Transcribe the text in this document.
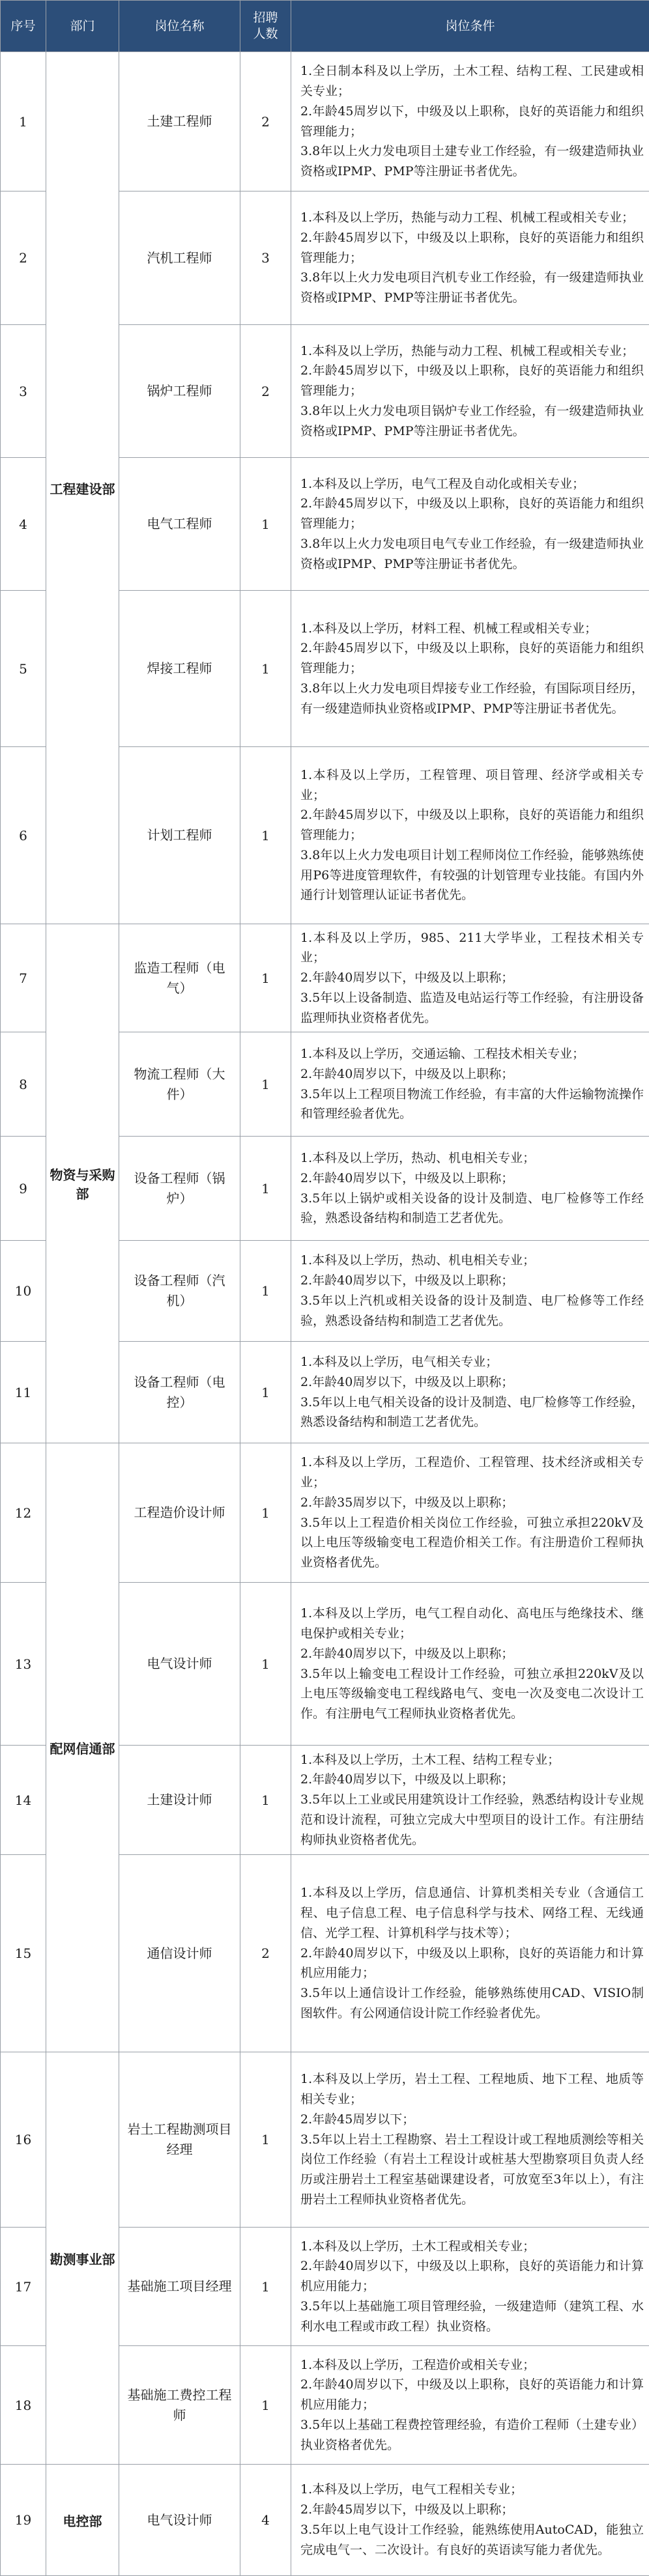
序号	部门	岗位名称	招聘人数	岗位条件
1	工程建设部	土建工程师	2	1.全日制本科及以上学历，土木工程、结构工程、工民建或相关专业；
2.年龄45周岁以下，中级及以上职称，良好的英语能力和组织管理能力；
3.8年以上火力发电项目土建专业工作经验，有一级建造师执业资格或IPMP、PMP等注册证书者优先。

2		汽机工程师	3	1.本科及以上学历，热能与动力工程、机械工程或相关专业；
2.年龄45周岁以下，中级及以上职称，良好的英语能力和组织管理能力；
3.8年以上火力发电项目汽机专业工作经验，有一级建造师执业资格或IPMP、PMP等注册证书者优先。

3		锅炉工程师	2	1.本科及以上学历，热能与动力工程、机械工程或相关专业；
2.年龄45周岁以下，中级及以上职称，良好的英语能力和组织管理能力；
3.8年以上火力发电项目锅炉专业工作经验，有一级建造师执业资格或IPMP、PMP等注册证书者优先。

4		电气工程师	1	1.本科及以上学历，电气工程及自动化或相关专业；
2.年龄45周岁以下，中级及以上职称，良好的英语能力和组织管理能力；
3.8年以上火力发电项目电气专业工作经验，有一级建造师执业资格或IPMP、PMP等注册证书者优先。

5		焊接工程师	1	1.本科及以上学历，材料工程、机械工程或相关专业；
2.年龄45周岁以下，中级及以上职称，良好的英语能力和组织管理能力；
3.8年以上火力发电项目焊接专业工作经验，有国际项目经历，有一级建造师执业资格或IPMP、PMP等注册证书者优先。

6		计划工程师	1	1.本科及以上学历，工程管理、项目管理、经济学或相关专业；
2.年龄45周岁以下，中级及以上职称，良好的英语能力和组织管理能力；
3.8年以上火力发电项目计划工程师岗位工作经验，能够熟练使用P6等进度管理软件，有较强的计划管理专业技能。有国内外通行计划管理认证证书者优先。

7	物资与采购部	监造工程师（电气）	1	1.本科及以上学历，985、211大学毕业，工程技术相关专业；
2.年龄40周岁以下，中级及以上职称；
3.5年以上设备制造、监造及电站运行等工作经验，有注册设备监理师执业资格者优先。

8		物流工程师（大件）	1	1.本科及以上学历，交通运输、工程技术相关专业；
2.年龄40周岁以下，中级及以上职称；
3.5年以上工程项目物流工作经验，有丰富的大件运输物流操作和管理经验者优先。

9		设备工程师（锅炉）	1	1.本科及以上学历，热动、机电相关专业；
2.年龄40周岁以下，中级及以上职称；
3.5年以上锅炉或相关设备的设计及制造、电厂检修等工作经验，熟悉设备结构和制造工艺者优先。

10		设备工程师（汽机）	1	1.本科及以上学历，热动、机电相关专业；
2.年龄40周岁以下，中级及以上职称；
3.5年以上汽机或相关设备的设计及制造、电厂检修等工作经验，熟悉设备结构和制造工艺者优先。

11		设备工程师（电控）	1	1.本科及以上学历，电气相关专业；
2.年龄40周岁以下，中级及以上职称；
3.5年以上电气相关设备的设计及制造、电厂检修等工作经验，熟悉设备结构和制造工艺者优先。

12	配网信通部	工程造价设计师	1	1.本科及以上学历，工程造价、工程管理、技术经济或相关专业；
2.年龄35周岁以下，中级及以上职称；
3.5年以上工程造价相关岗位工作经验，可独立承担220kV及以上电压等级输变电工程造价相关工作。有注册造价工程师执业资格者优先。

13		电气设计师	1	1.本科及以上学历，电气工程自动化、高电压与绝缘技术、继电保护或相关专业；
2.年龄40周岁以下，中级及以上职称；
3.5年以上输变电工程设计工作经验，可独立承担220kV及以上电压等级输变电工程线路电气、变电一次及变电二次设计工作。有注册电气工程师执业资格者优先。

14		土建设计师	1	1.本科及以上学历，土木工程、结构工程专业；
2.年龄40周岁以下，中级及以上职称；
3.5年以上工业或民用建筑设计工作经验，熟悉结构设计专业规范和设计流程，可独立完成大中型项目的设计工作。有注册结构师执业资格者优先。

15		通信设计师	2	1.本科及以上学历，信息通信、计算机类相关专业（含通信工程、电子信息工程、电子信息科学与技术、网络工程、无线通信、光学工程、计算机科学与技术等）；
2.年龄40周岁以下，中级及以上职称，良好的英语能力和计算机应用能力；
3.5年以上通信设计工作经验，能够熟练使用CAD、VISIO制图软件。有公网通信设计院工作经验者优先。

16	勘测事业部	岩土工程勘测项目经理	1	1.本科及以上学历，岩土工程、工程地质、地下工程、地质等相关专业；
2.年龄45周岁以下；
3.5年以上岩土工程勘察、岩土工程设计或工程地质测绘等相关岗位工作经验（有岩土工程设计或桩基大型勘察项目负责人经历或注册岩土工程室基础课建设者，可放宽至3年以上），有注册岩土工程师执业资格者优先。

17		基础施工项目经理	1	1.本科及以上学历，土木工程或相关专业；
2.年龄40周岁以下，中级及以上职称，良好的英语能力和计算机应用能力；
3.5年以上基础施工项目管理经验，一级建造师（建筑工程、水利水电工程或市政工程）执业资格。

18		基础施工费控工程师	1	1.本科及以上学历，工程造价或相关专业；
2.年龄40周岁以下，中级及以上职称，良好的英语能力和计算机应用能力；
3.5年以上基础工程费控管理经验，有造价工程师（土建专业）执业资格者优先。

19	电控部	电气设计师	4	1.本科及以上学历，电气工程相关专业；
2.年龄45周岁以下，中级及以上职称；
3.5年以上电气设计工作经验，能熟练使用AutoCAD，能独立完成电气一、二次设计。有良好的英语读写能力者优先。
